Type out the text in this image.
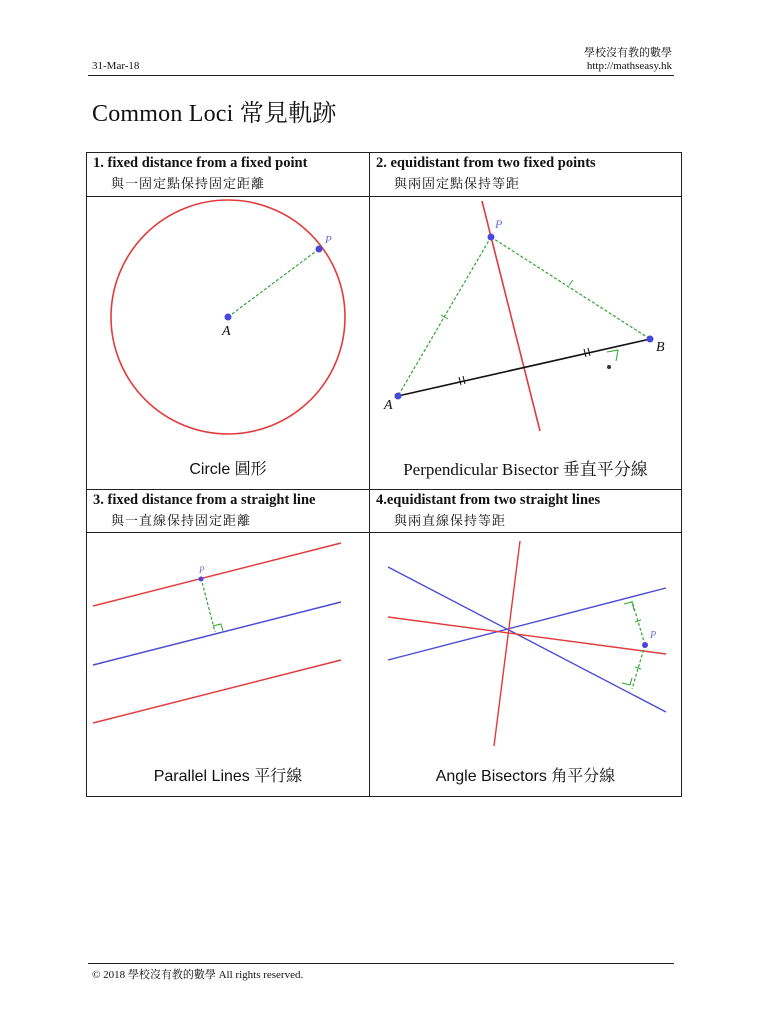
學校沒有教的數學
31-Mar-18	http://mathseasy.hk
Common Loci 常見軌跡
1. fixed distance from a fixed point
與一固定點保持固定距離
2. equidistant from two fixed points
與兩固定點保持等距
P
A
Circle 圓形
P
A
B
Perpendicular Bisector 垂直平分線
3. fixed distance from a straight line
與一直線保持固定距離
4.equidistant from two straight lines
與兩直線保持等距
P
Parallel Lines 平行線
P
Angle Bisectors 角平分線
© 2018 學校沒有教的數學 All rights reserved.
